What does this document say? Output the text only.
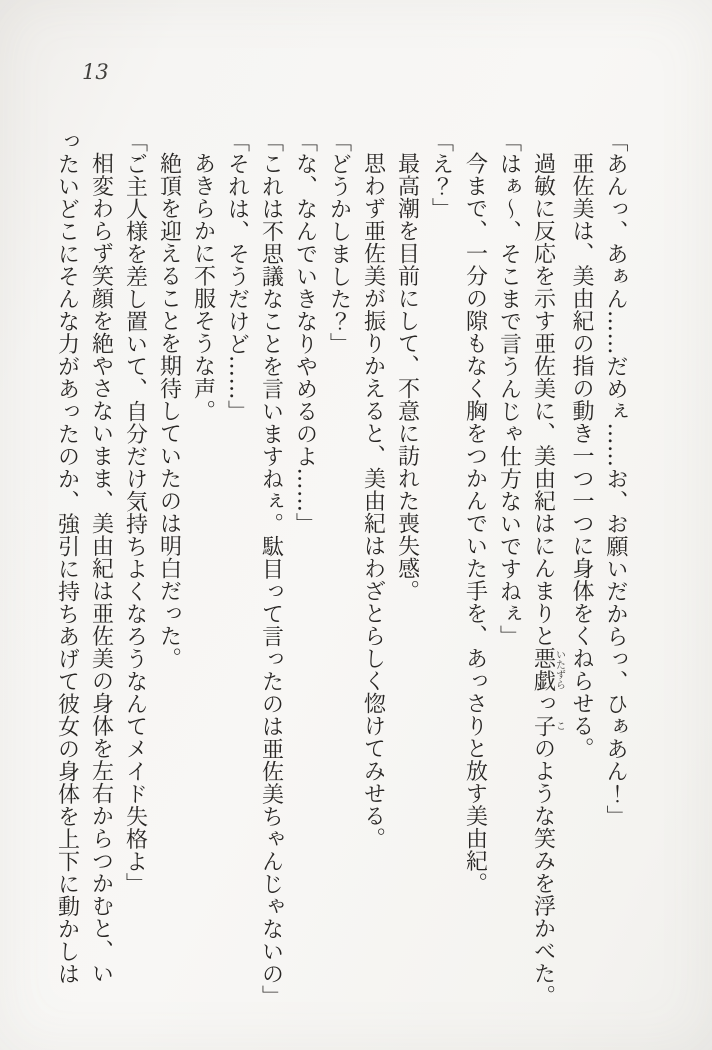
13

「あんっ、あぁん……だめぇ……お、お願いだからっ、ひぁあん！」

亜佐美は、美由紀の指の動き一つ一つに身体をくねらせる。

過敏に反応を示す亜佐美に、美由紀はにんまりと悪戯いたずらっ子このような笑みを浮かべた。

「はぁ〜、そこまで言うんじゃ仕方ないですねぇ」

今まで、一分の隙もなく胸をつかんでいた手を、あっさりと放す美由紀。

「え？」

最高潮を目前にして、不意に訪れた喪失感。

思わず亜佐美が振りかえると、美由紀はわざとらしく惚けてみせる。

「どうかしました？」

「な、なんでいきなりやめるのよ……」

「これは不思議なことを言いますねぇ。駄目って言ったのは亜佐美ちゃんじゃないの」

「それは、そうだけど……」

あきらかに不服そうな声。

絶頂を迎えることを期待していたのは明白だった。

「ご主人様を差し置いて、自分だけ気持ちよくなろうなんてメイド失格よ」

相変わらず笑顔を絶やさないまま、美由紀は亜佐美の身体を左右からつかむと、い

ったいどこにそんな力があったのか、強引に持ちあげて彼女の身体を上下に動かしは
